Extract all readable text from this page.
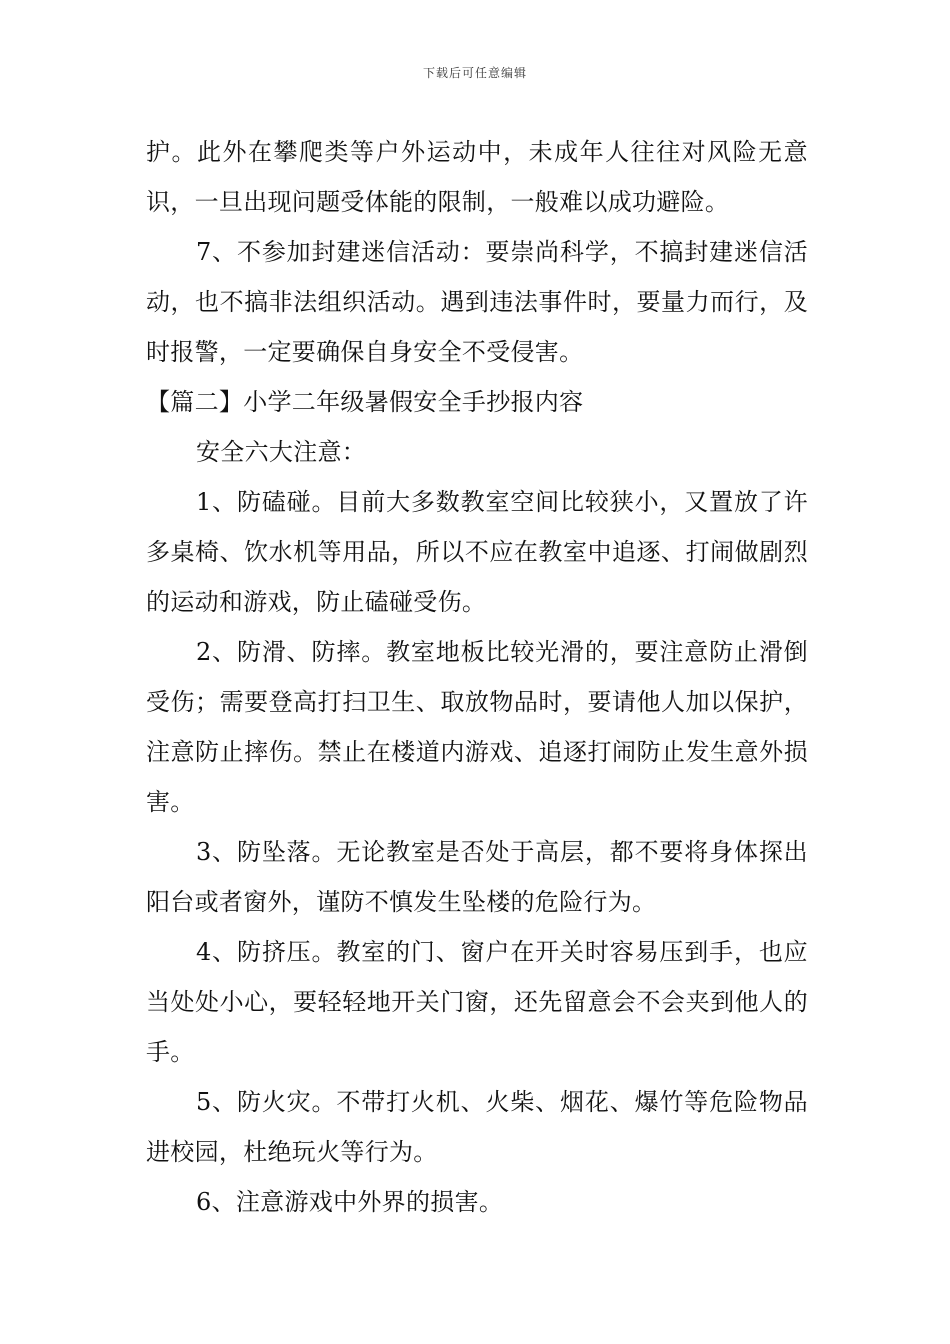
下载后可任意编辑

护。此外在攀爬类等户外运动中，未成年人往往对风险无意识，一旦出现问题受体能的限制，一般难以成功避险。

7、不参加封建迷信活动：要崇尚科学，不搞封建迷信活动，也不搞非法组织活动。遇到违法事件时，要量力而行，及时报警，一定要确保自身安全不受侵害。

【篇二】小学二年级暑假安全手抄报内容

安全六大注意：

1、防磕碰。目前大多数教室空间比较狭小，又置放了许多桌椅、饮水机等用品，所以不应在教室中追逐、打闹做剧烈的运动和游戏，防止磕碰受伤。

2、防滑、防摔。教室地板比较光滑的，要注意防止滑倒受伤；需要登高打扫卫生、取放物品时，要请他人加以保护，注意防止摔伤。禁止在楼道内游戏、追逐打闹防止发生意外损害。

3、防坠落。无论教室是否处于高层，都不要将身体探出阳台或者窗外，谨防不慎发生坠楼的危险行为。

4、防挤压。教室的门、窗户在开关时容易压到手，也应当处处小心，要轻轻地开关门窗，还先留意会不会夹到他人的手。

5、防火灾。不带打火机、火柴、烟花、爆竹等危险物品进校园，杜绝玩火等行为。

6、注意游戏中外界的损害。
